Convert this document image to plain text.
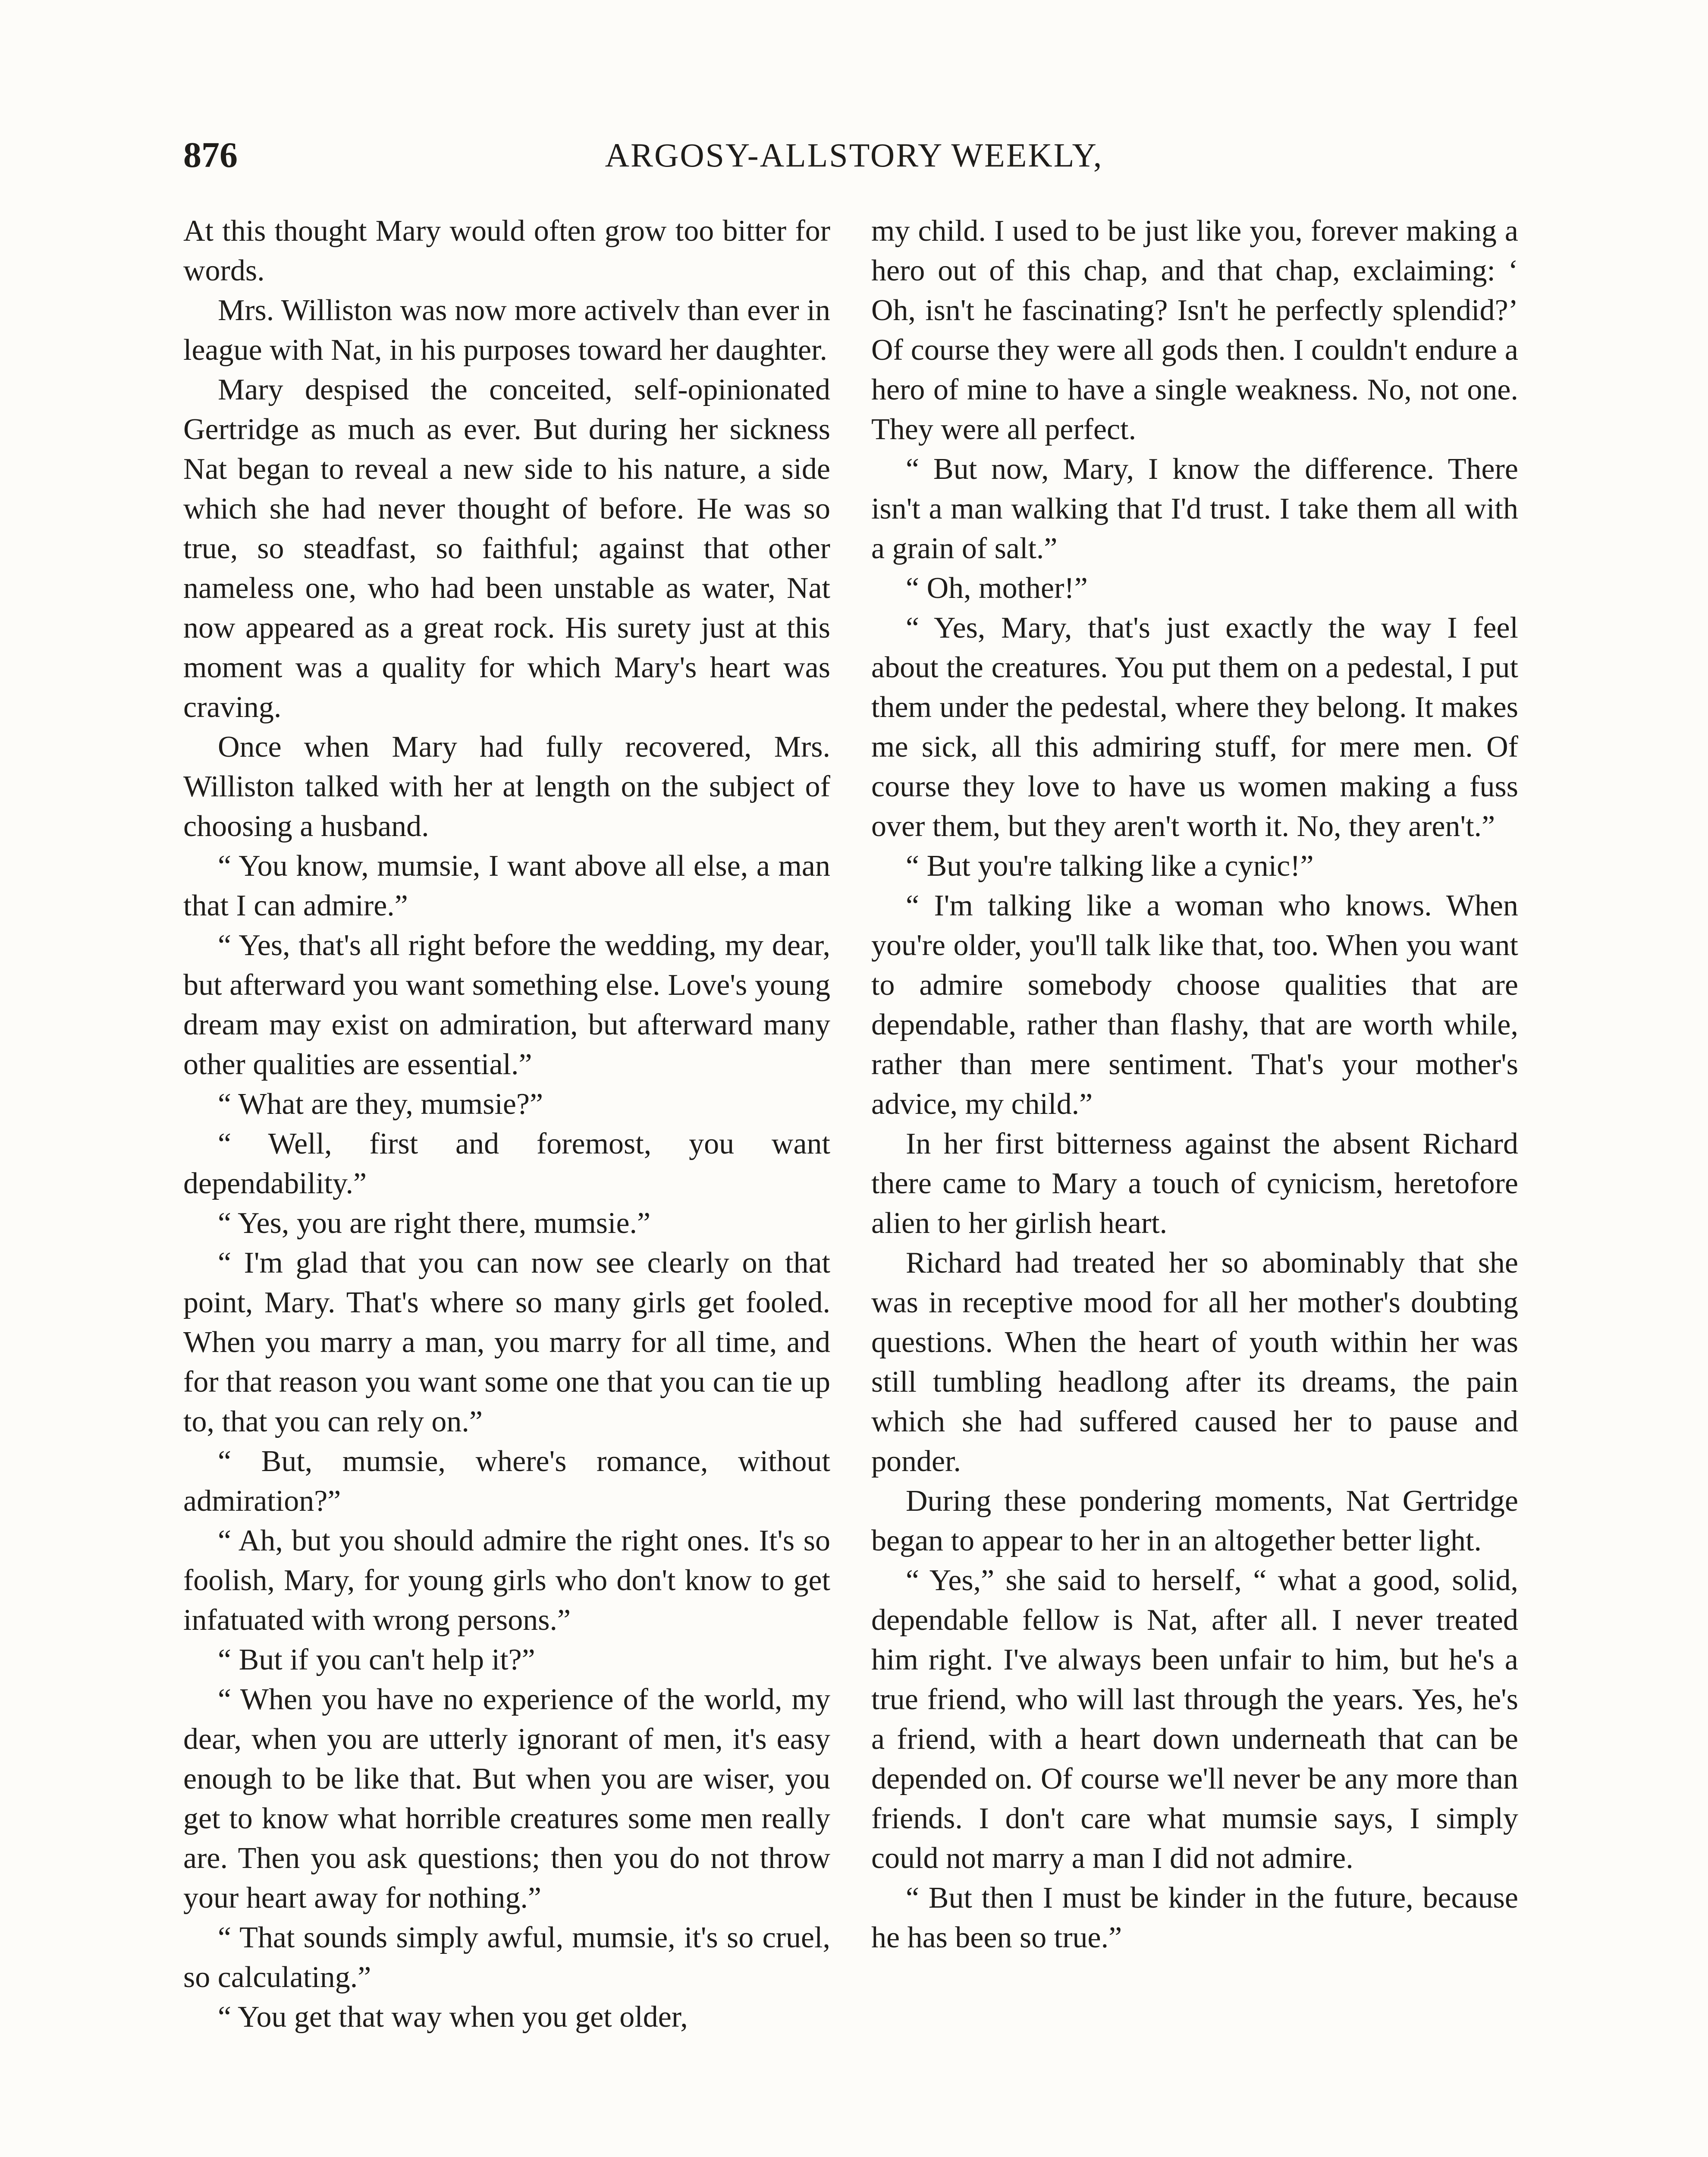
876	ARGOSY-ALLSTORY WEEKLY,

At this thought Mary would often grow too bitter for words.

Mrs. Williston was now more activelv than ever in league with Nat, in his purposes toward her daughter.

Mary despised the conceited, self-opinionated Gertridge as much as ever. But during her sickness Nat began to reveal a new side to his nature, a side which she had never thought of before. He was so true, so steadfast, so faithful; against that other nameless one, who had been unstable as water, Nat now appeared as a great rock. His surety just at this moment was a quality for which Mary's heart was craving.

Once when Mary had fully recovered, Mrs. Williston talked with her at length on the subject of choosing a husband.

“ You know, mumsie, I want above all else, a man that I can admire.”

“ Yes, that's all right before the wedding, my dear, but afterward you want something else. Love's young dream may exist on admiration, but afterward many other qualities are essential.”

“ What are they, mumsie?”

“ Well, first and foremost, you want dependability.”

“ Yes, you are right there, mumsie.”

“ I'm glad that you can now see clearly on that point, Mary. That's where so many girls get fooled. When you marry a man, you marry for all time, and for that reason you want some one that you can tie up to, that you can rely on.”

“ But, mumsie, where's romance, without admiration?”

“ Ah, but you should admire the right ones. It's so foolish, Mary, for young girls who don't know to get infatuated with wrong persons.”

“ But if you can't help it?”

“ When you have no experience of the world, my dear, when you are utterly ignorant of men, it's easy enough to be like that. But when you are wiser, you get to know what horrible creatures some men really are. Then you ask questions; then you do not throw your heart away for nothing.”

“ That sounds simply awful, mumsie, it's so cruel, so calculating.”

“ You get that way when you get older,

my child. I used to be just like you, forever making a hero out of this chap, and that chap, exclaiming: ‘ Oh, isn't he fascinating? Isn't he perfectly splendid?’ Of course they were all gods then. I couldn't endure a hero of mine to have a single weakness. No, not one. They were all perfect.

“ But now, Mary, I know the difference. There isn't a man walking that I'd trust. I take them all with a grain of salt.”

“ Oh, mother!”

“ Yes, Mary, that's just exactly the way I feel about the creatures. You put them on a pedestal, I put them under the pedestal, where they belong. It makes me sick, all this admiring stuff, for mere men. Of course they love to have us women making a fuss over them, but they aren't worth it. No, they aren't.”

“ But you're talking like a cynic!”

“ I'm talking like a woman who knows. When you're older, you'll talk like that, too. When you want to admire somebody choose qualities that are dependable, rather than flashy, that are worth while, rather than mere sentiment. That's your mother's advice, my child.”

In her first bitterness against the absent Richard there came to Mary a touch of cynicism, heretofore alien to her girlish heart.

Richard had treated her so abominably that she was in receptive mood for all her mother's doubting questions. When the heart of youth within her was still tumbling headlong after its dreams, the pain which she had suffered caused her to pause and ponder.

During these pondering moments, Nat Gertridge began to appear to her in an altogether better light.

“ Yes,” she said to herself, “ what a good, solid, dependable fellow is Nat, after all. I never treated him right. I've always been unfair to him, but he's a true friend, who will last through the years. Yes, he's a friend, with a heart down underneath that can be depended on. Of course we'll never be any more than friends. I don't care what mumsie says, I simply could not marry a man I did not admire.

“ But then I must be kinder in the future, because he has been so true.”
